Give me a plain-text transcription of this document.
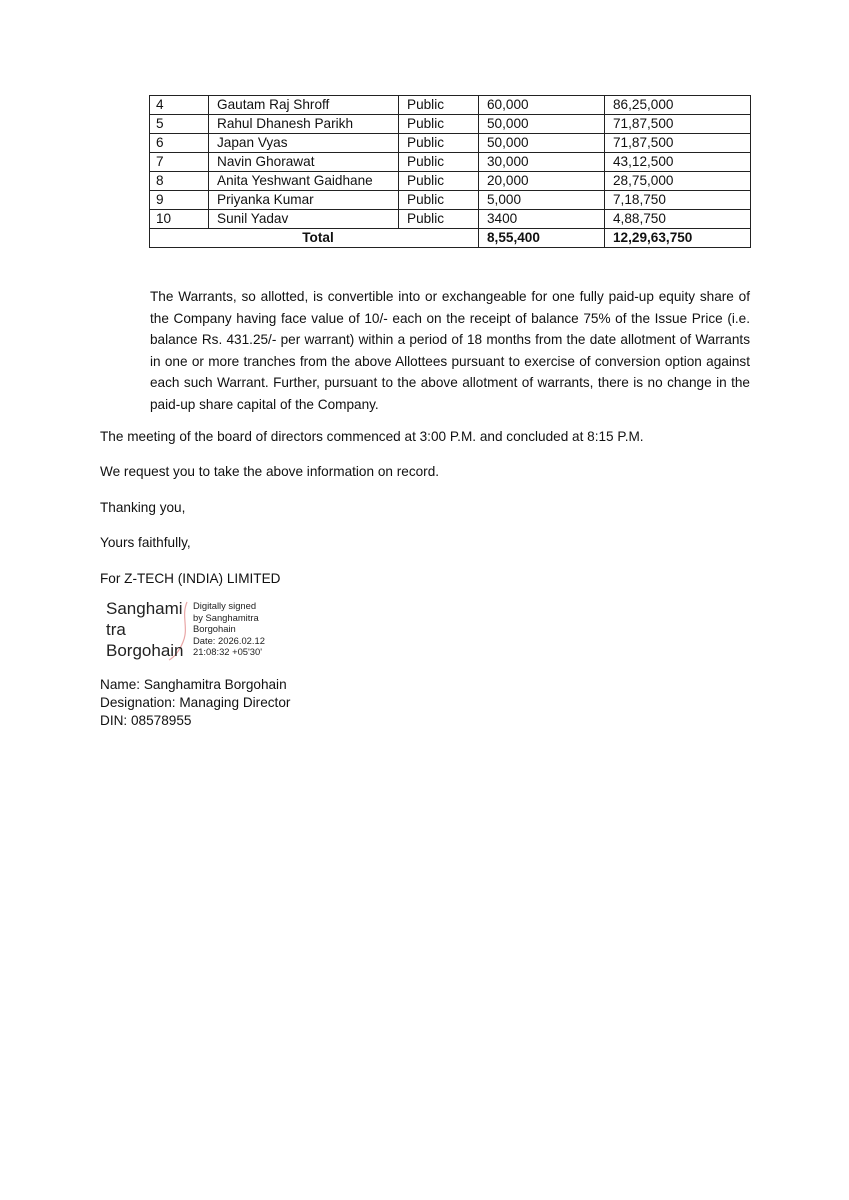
4	Gautam Raj Shroff	Public	60,000	86,25,000
5	Rahul Dhanesh Parikh	Public	50,000	71,87,500
6	Japan Vyas	Public	50,000	71,87,500
7	Navin Ghorawat	Public	30,000	43,12,500
8	Anita Yeshwant Gaidhane	Public	20,000	28,75,000
9	Priyanka Kumar	Public	5,000	7,18,750
10	Sunil Yadav	Public	3400	4,88,750
Total			8,55,400	12,29,63,750
The Warrants, so allotted, is convertible into or exchangeable for one fully paid-up equity share of the Company having face value of 10/- each on the receipt of balance 75% of the Issue Price (i.e. balance Rs. 431.25/- per warrant) within a period of 18 months from the date allotment of Warrants in one or more tranches from the above Allottees pursuant to exercise of conversion option against each such Warrant. Further, pursuant to the above allotment of warrants, there is no change in the paid-up share capital of the Company.
The meeting of the board of directors commenced at 3:00 P.M. and concluded at 8:15 P.M.
We request you to take the above information on record.
Thanking you,
Yours faithfully,
For Z-TECH (INDIA) LIMITED
Sanghami
tra
Borgohain
Digitally signed
by Sanghamitra
Borgohain
Date: 2026.02.12
21:08:32 +05'30'
Name: Sanghamitra Borgohain
Designation: Managing Director
DIN: 08578955
